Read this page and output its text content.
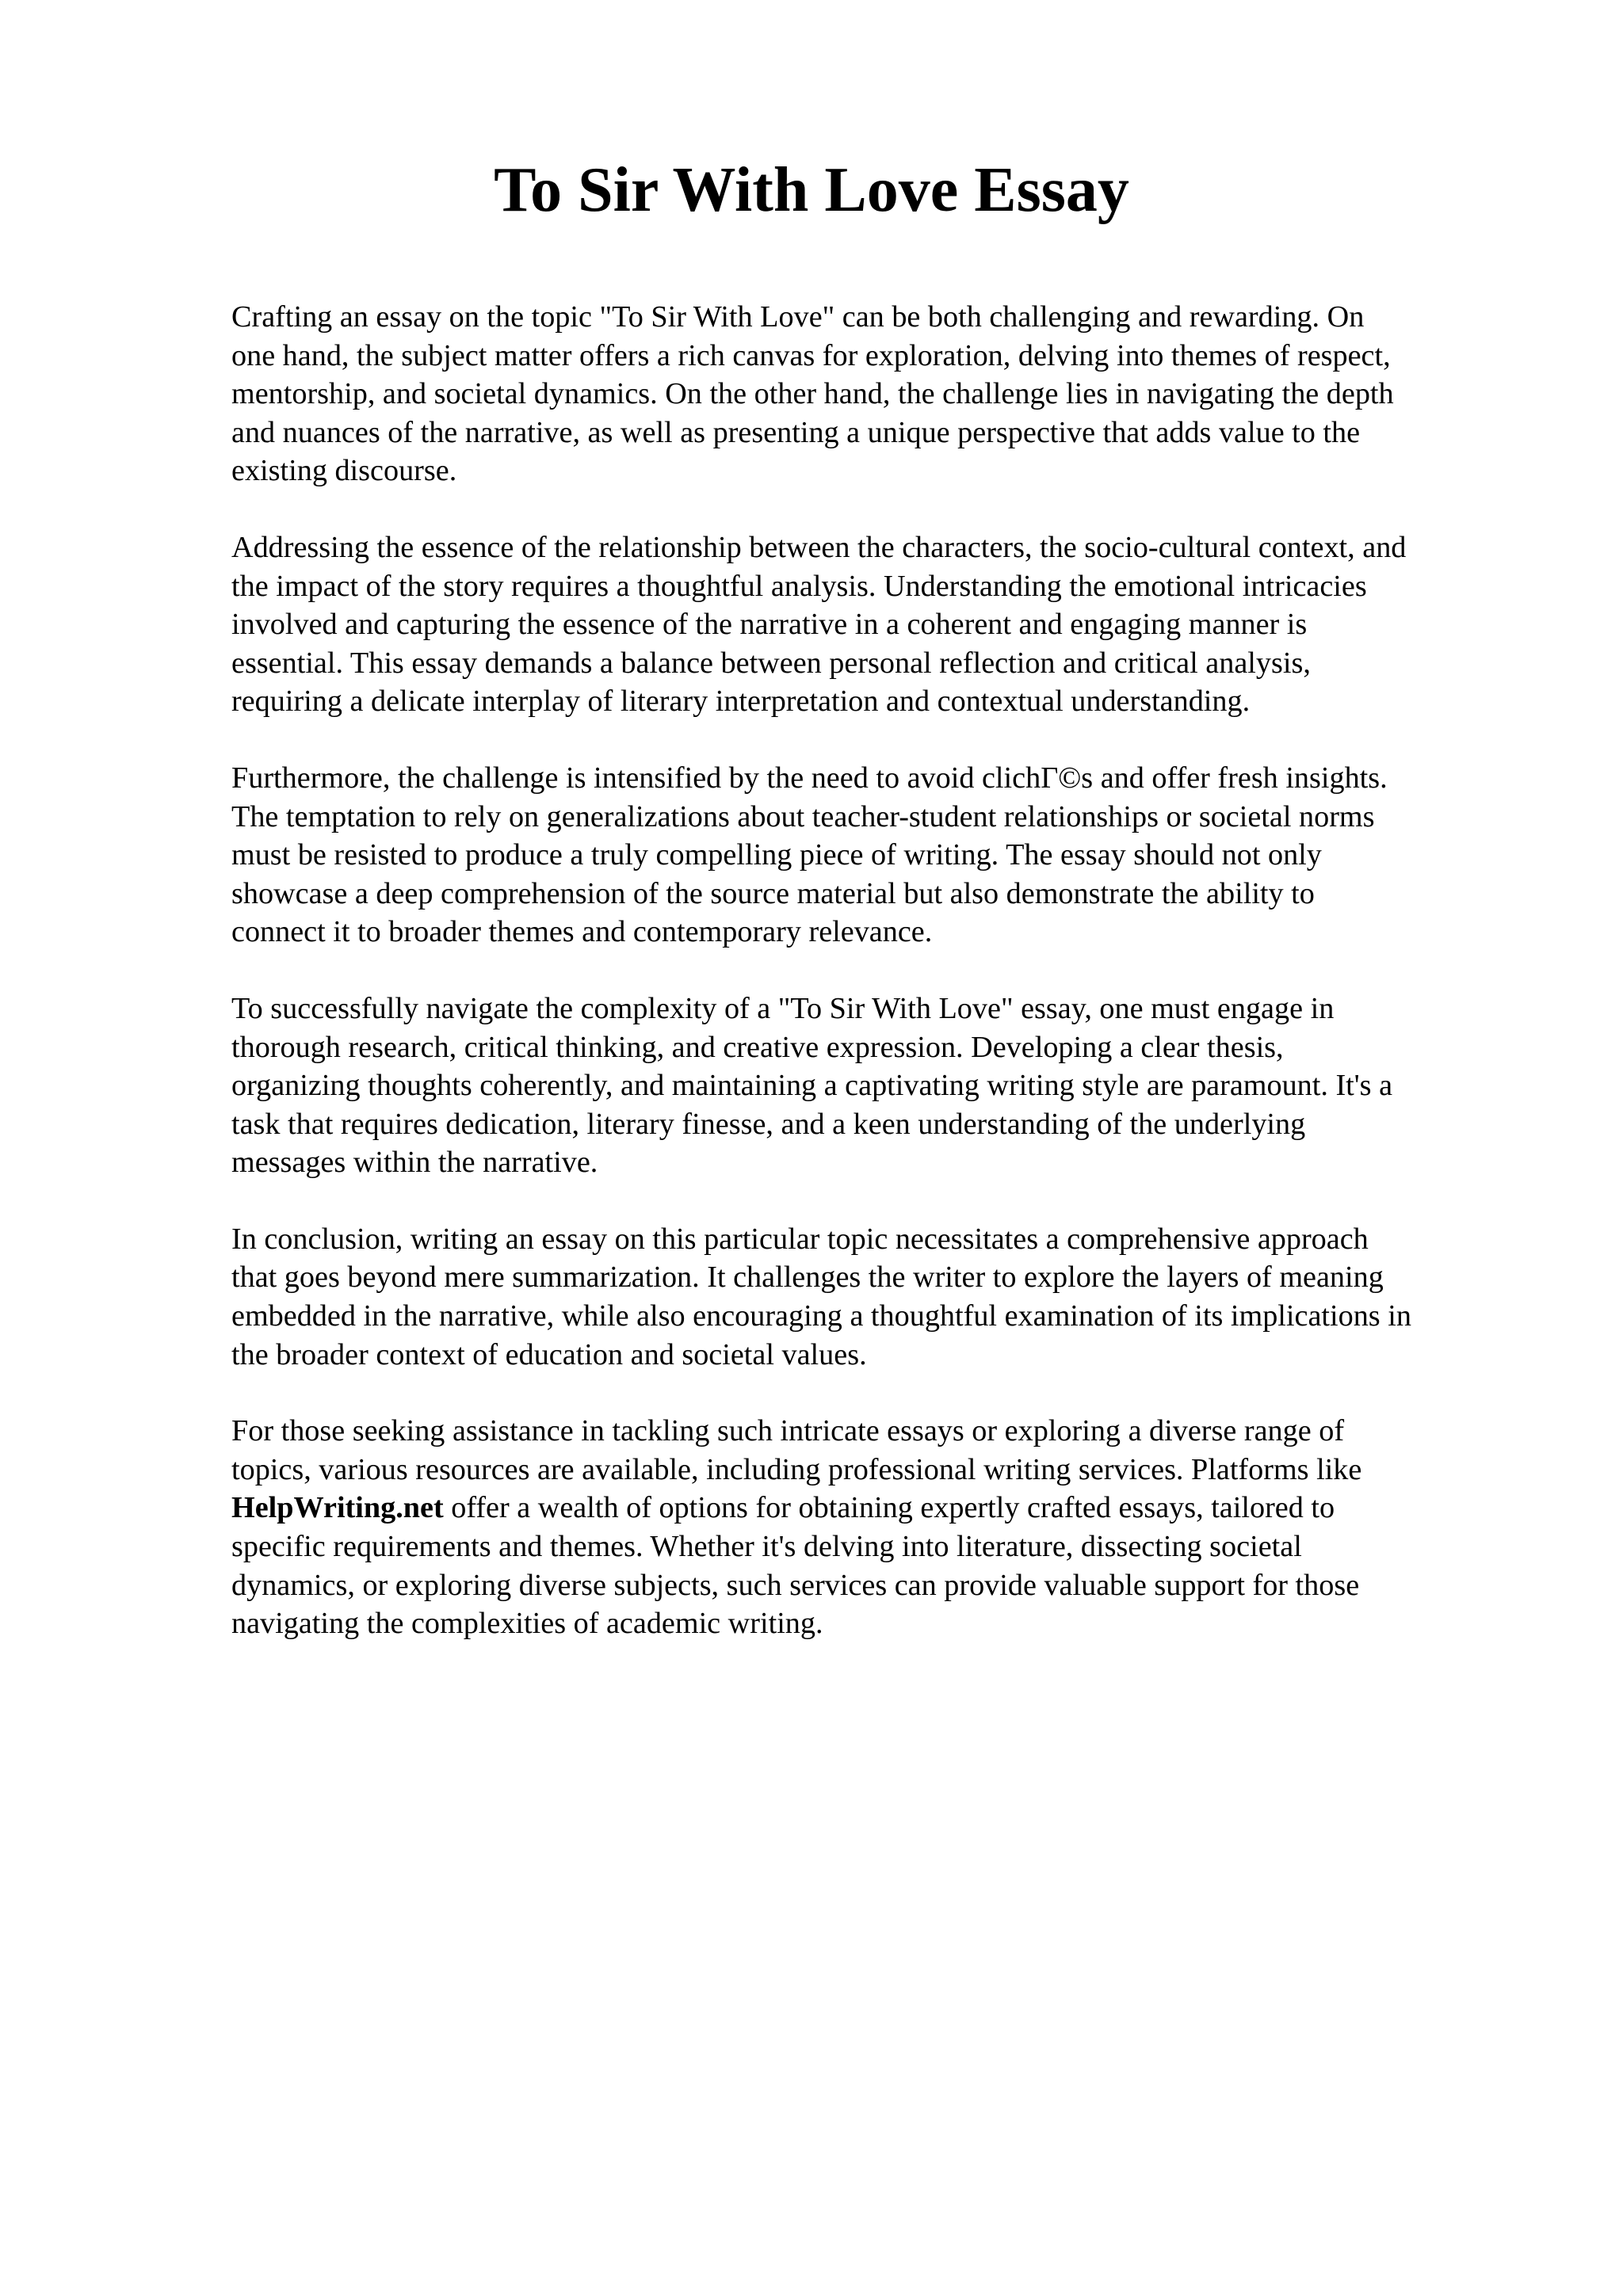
To Sir With Love Essay

Crafting an essay on the topic "To Sir With Love" can be both challenging and rewarding. On
one hand, the subject matter offers a rich canvas for exploration, delving into themes of respect,
mentorship, and societal dynamics. On the other hand, the challenge lies in navigating the depth
and nuances of the narrative, as well as presenting a unique perspective that adds value to the
existing discourse.

Addressing the essence of the relationship between the characters, the socio-cultural context, and
the impact of the story requires a thoughtful analysis. Understanding the emotional intricacies
involved and capturing the essence of the narrative in a coherent and engaging manner is
essential. This essay demands a balance between personal reflection and critical analysis,
requiring a delicate interplay of literary interpretation and contextual understanding.

Furthermore, the challenge is intensified by the need to avoid clichГ©s and offer fresh insights.
The temptation to rely on generalizations about teacher-student relationships or societal norms
must be resisted to produce a truly compelling piece of writing. The essay should not only
showcase a deep comprehension of the source material but also demonstrate the ability to
connect it to broader themes and contemporary relevance.

To successfully navigate the complexity of a "To Sir With Love" essay, one must engage in
thorough research, critical thinking, and creative expression. Developing a clear thesis,
organizing thoughts coherently, and maintaining a captivating writing style are paramount. It's a
task that requires dedication, literary finesse, and a keen understanding of the underlying
messages within the narrative.

In conclusion, writing an essay on this particular topic necessitates a comprehensive approach
that goes beyond mere summarization. It challenges the writer to explore the layers of meaning
embedded in the narrative, while also encouraging a thoughtful examination of its implications in
the broader context of education and societal values.

For those seeking assistance in tackling such intricate essays or exploring a diverse range of
topics, various resources are available, including professional writing services. Platforms like
HelpWriting.net offer a wealth of options for obtaining expertly crafted essays, tailored to
specific requirements and themes. Whether it's delving into literature, dissecting societal
dynamics, or exploring diverse subjects, such services can provide valuable support for those
navigating the complexities of academic writing.
